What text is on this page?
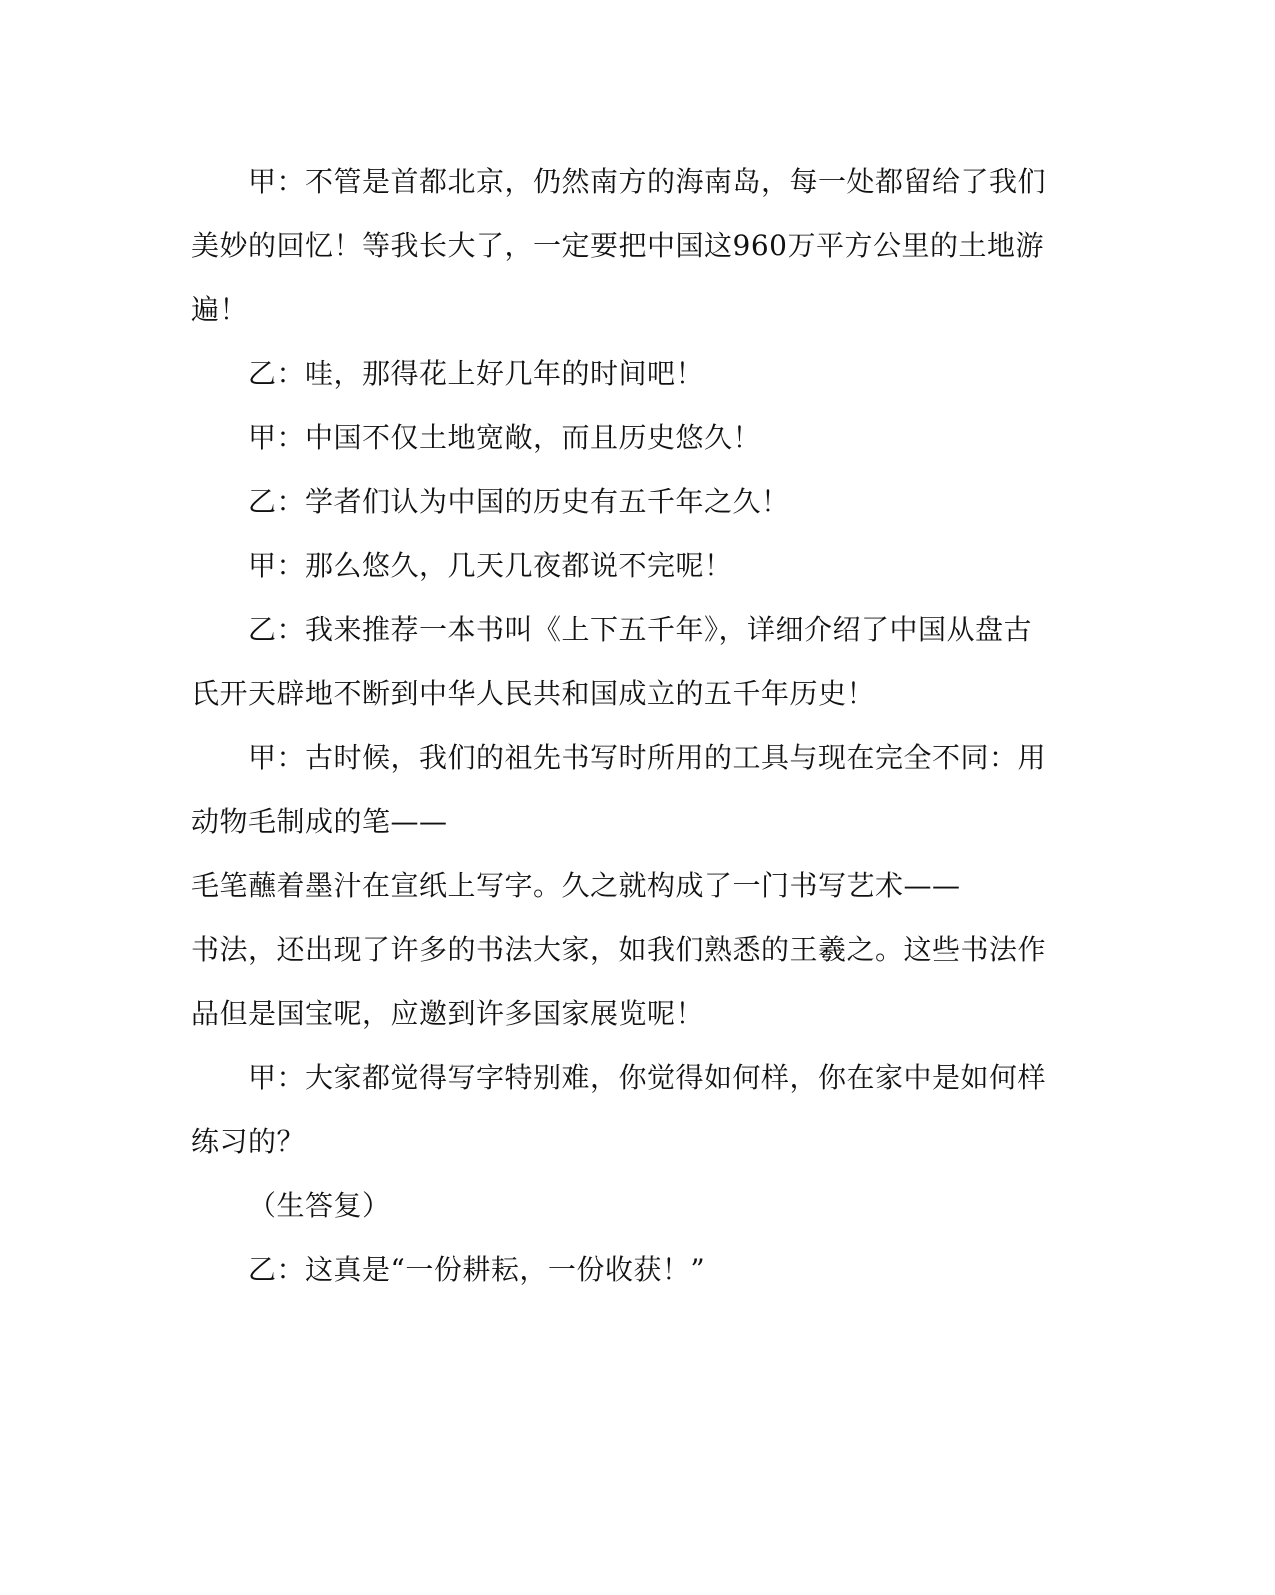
甲：不管是首都北京，仍然南方的海南岛，每一处都留给了我们
美妙的回忆！等我长大了，一定要把中国这960万平方公里的土地游
遍！
乙：哇，那得花上好几年的时间吧！
甲：中国不仅土地宽敞，而且历史悠久！
乙：学者们认为中国的历史有五千年之久！
甲：那么悠久，几天几夜都说不完呢！
乙：我来推荐一本书叫《上下五千年》，详细介绍了中国从盘古
氏开天辟地不断到中华人民共和国成立的五千年历史！
甲：古时候，我们的祖先书写时所用的工具与现在完全不同：用
动物毛制成的笔——
毛笔蘸着墨汁在宣纸上写字。久之就构成了一门书写艺术——
书法，还出现了许多的书法大家，如我们熟悉的王羲之。这些书法作
品但是国宝呢，应邀到许多国家展览呢！
甲：大家都觉得写字特别难，你觉得如何样，你在家中是如何样
练习的？
（生答复）
乙：这真是“一份耕耘，一份收获！”
